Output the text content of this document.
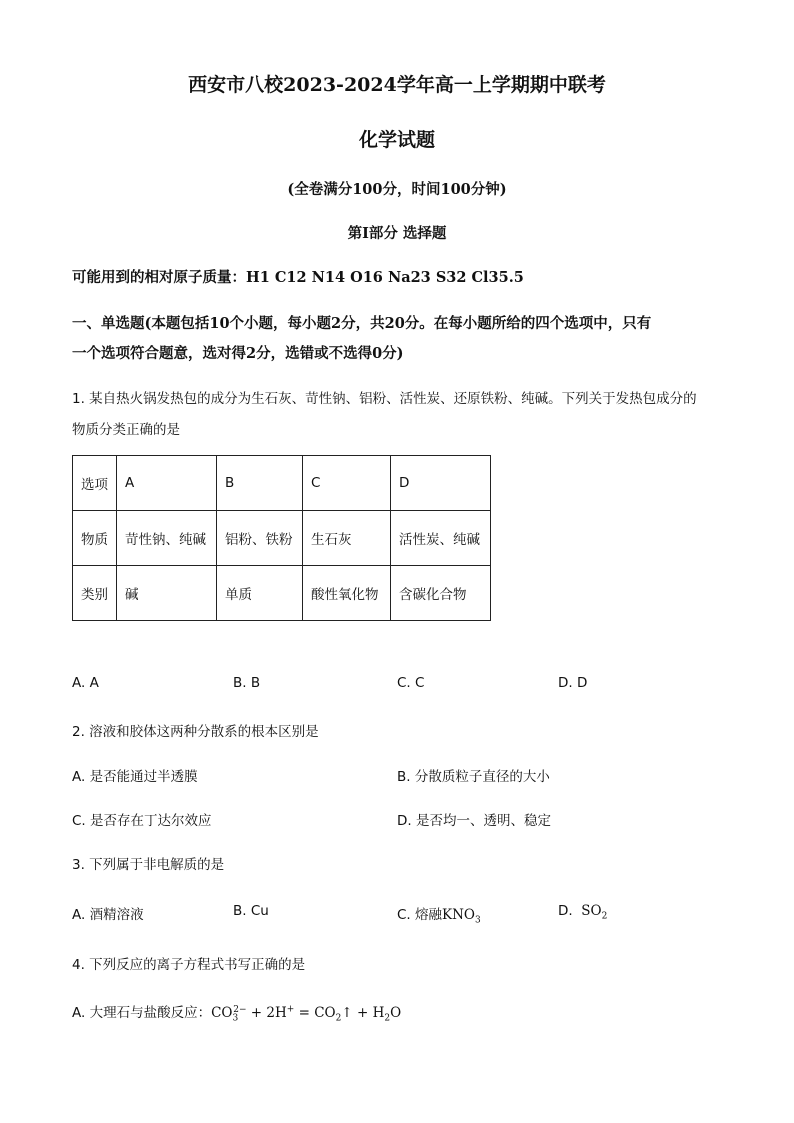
西安市八校2023-2024学年高一上学期期中联考
化学试题
(全卷满分100分，时间100分钟)
第I部分 选择题
可能用到的相对原子质量：H1 C12 N14 O16 Na23 S32 Cl35.5
一、单选题(本题包括10个小题，每小题2分，共20分。在每小题所给的四个选项中，只有
一个选项符合题意，选对得2分，选错或不选得0分)
1. 某自热火锅发热包的成分为生石灰、苛性钠、铝粉、活性炭、还原铁粉、纯碱。下列关于发热包成分的
物质分类正确的是
选项	A	B	C	D
物质	苛性钠、纯碱	铝粉、铁粉	生石灰	活性炭、纯碱
类别	碱	单质	酸性氧化物	含碳化合物
A. A	B. B	C. C	D. D
2. 溶液和胶体这两种分散系的根本区别是
A. 是否能通过半透膜	B. 分散质粒子直径的大小
C. 是否存在丁达尔效应	D. 是否均一、透明、稳定
3. 下列属于非电解质的是
A. 酒精溶液	B. Cu	C. 熔融$KNO_3$
D. $SO_2$
4. 下列反应的离子方程式书写正确的是
A. 大理石与盐酸反应：$CO_3^{2-} + 2H^+$ = $CO_2↑ + H_2O$
